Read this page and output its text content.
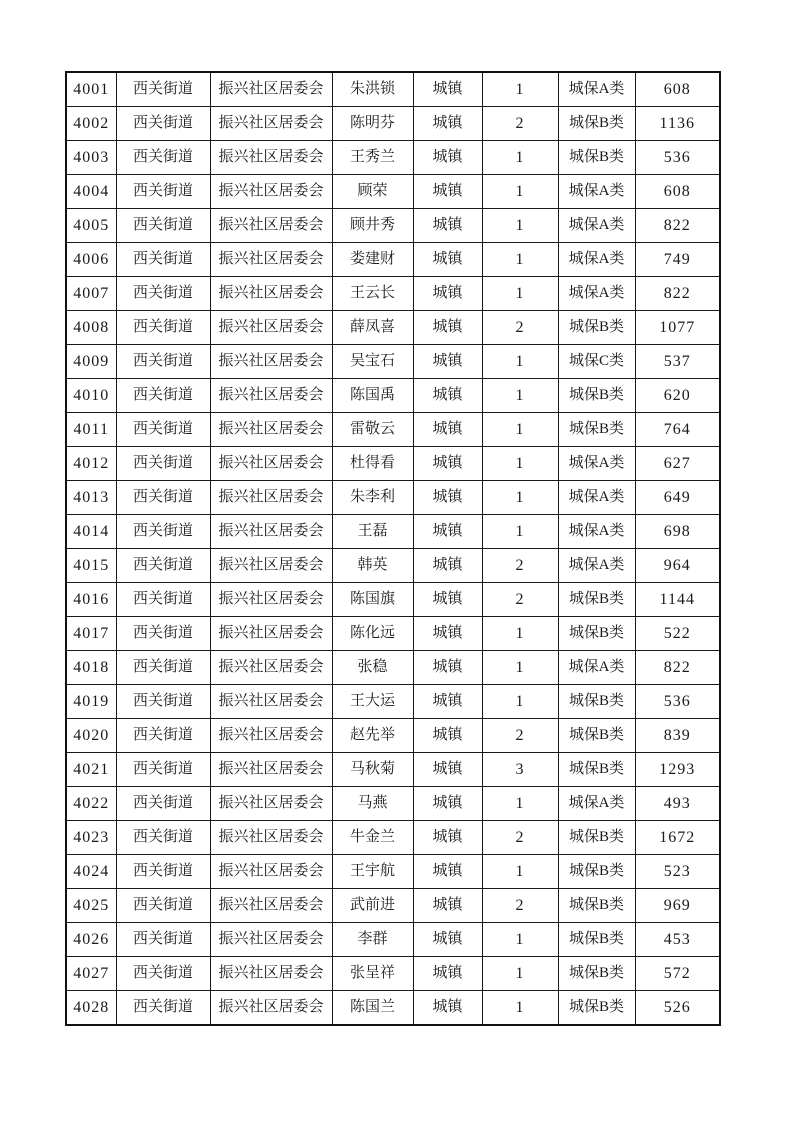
4001	西关街道	振兴社区居委会	朱洪锁	城镇	1	城保A类	608
4002	西关街道	振兴社区居委会	陈明芬	城镇	2	城保B类	1136
4003	西关街道	振兴社区居委会	王秀兰	城镇	1	城保B类	536
4004	西关街道	振兴社区居委会	顾荣	城镇	1	城保A类	608
4005	西关街道	振兴社区居委会	顾井秀	城镇	1	城保A类	822
4006	西关街道	振兴社区居委会	娄建财	城镇	1	城保A类	749
4007	西关街道	振兴社区居委会	王云长	城镇	1	城保A类	822
4008	西关街道	振兴社区居委会	薛凤喜	城镇	2	城保B类	1077
4009	西关街道	振兴社区居委会	吴宝石	城镇	1	城保C类	537
4010	西关街道	振兴社区居委会	陈国禹	城镇	1	城保B类	620
4011	西关街道	振兴社区居委会	雷敬云	城镇	1	城保B类	764
4012	西关街道	振兴社区居委会	杜得看	城镇	1	城保A类	627
4013	西关街道	振兴社区居委会	朱李利	城镇	1	城保A类	649
4014	西关街道	振兴社区居委会	王磊	城镇	1	城保A类	698
4015	西关街道	振兴社区居委会	韩英	城镇	2	城保A类	964
4016	西关街道	振兴社区居委会	陈国旗	城镇	2	城保B类	1144
4017	西关街道	振兴社区居委会	陈化远	城镇	1	城保B类	522
4018	西关街道	振兴社区居委会	张稳	城镇	1	城保A类	822
4019	西关街道	振兴社区居委会	王大运	城镇	1	城保B类	536
4020	西关街道	振兴社区居委会	赵先举	城镇	2	城保B类	839
4021	西关街道	振兴社区居委会	马秋菊	城镇	3	城保B类	1293
4022	西关街道	振兴社区居委会	马燕	城镇	1	城保A类	493
4023	西关街道	振兴社区居委会	牛金兰	城镇	2	城保B类	1672
4024	西关街道	振兴社区居委会	王宇航	城镇	1	城保B类	523
4025	西关街道	振兴社区居委会	武前进	城镇	2	城保B类	969
4026	西关街道	振兴社区居委会	李群	城镇	1	城保B类	453
4027	西关街道	振兴社区居委会	张呈祥	城镇	1	城保B类	572
4028	西关街道	振兴社区居委会	陈国兰	城镇	1	城保B类	526
